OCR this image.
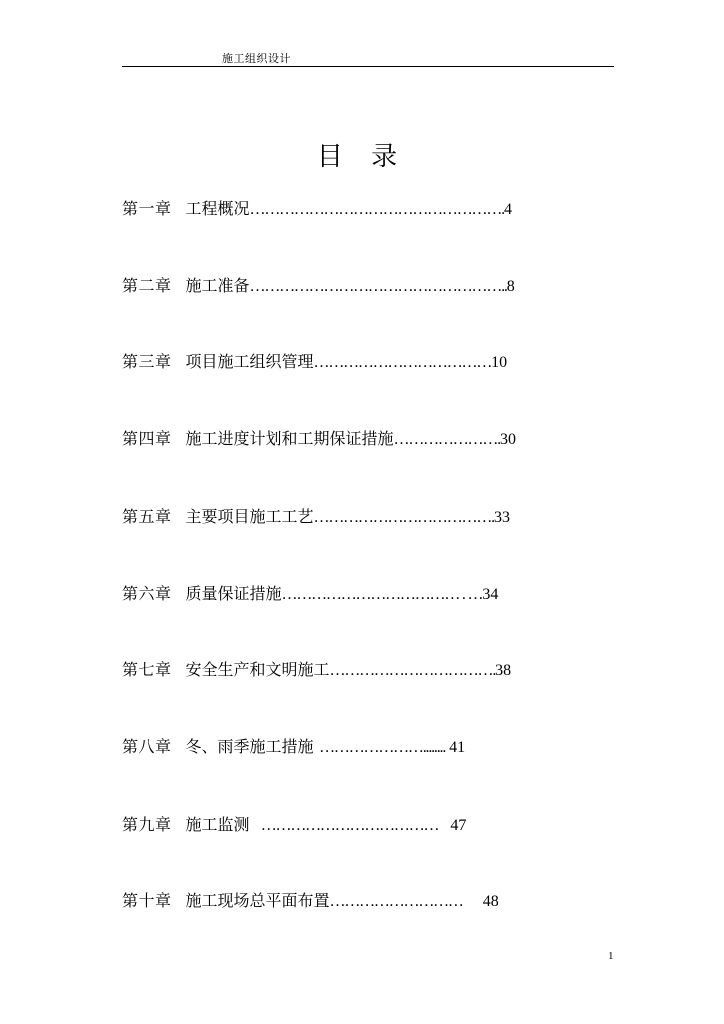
施工组织设计
目 录
第一章 工程概况…………………………………………….4
第二章 施工准备……………………………………………..8
第三章 项目施工组织管理………………………………10
第四章 施工进度计划和工期保证措施………………….30
第五章 主要项目施工工艺……………………………….33
第六章 质量保证措施……………………………… . …34
第七章 安全生产和文明施工…………………………….38
第八章 冬、雨季施工措施  …………………........ 41
第九章 施工监测    ………………………………   47
第十章 施工现场总平面布置………………………     48
1
